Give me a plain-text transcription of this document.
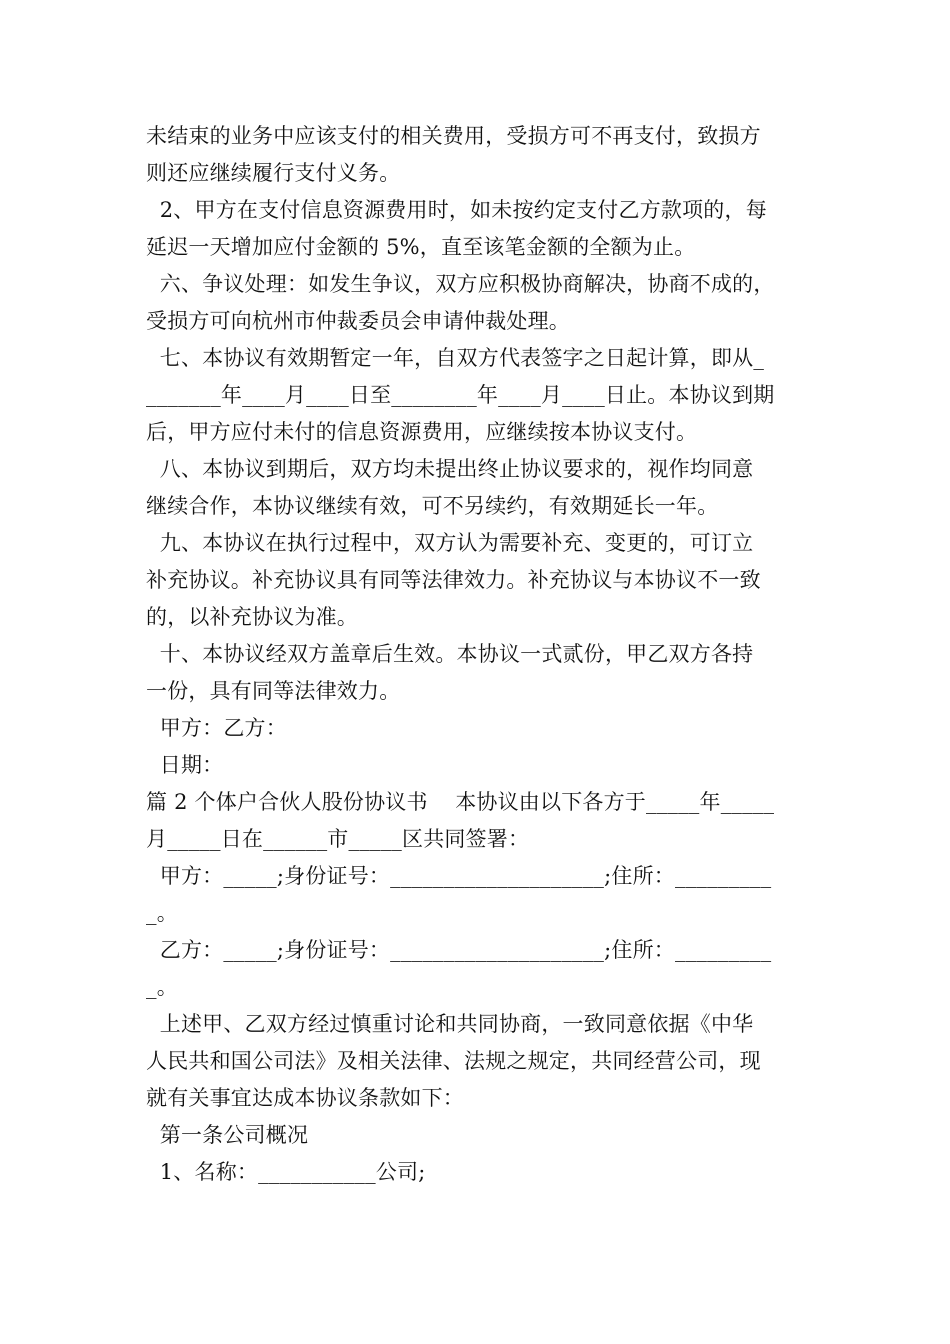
未结束的业务中应该支付的相关费用，受损方可不再支付，致损方

则还应继续履行支付义务。

2、甲方在支付信息资源费用时，如未按约定支付乙方款项的，每

延迟一天增加应付金额的 5%，直至该笔金额的全额为止。

六、争议处理：如发生争议，双方应积极协商解决，协商不成的，

受损方可向杭州市仲裁委员会申请仲裁处理。

七、本协议有效期暂定一年，自双方代表签字之日起计算，即从_

_______年____月____日至________年____月____日止。本协议到期

后，甲方应付未付的信息资源费用，应继续按本协议支付。

八、本协议到期后，双方均未提出终止协议要求的，视作均同意

继续合作，本协议继续有效，可不另续约，有效期延长一年。

九、本协议在执行过程中，双方认为需要补充、变更的，可订立

补充协议。补充协议具有同等法律效力。补充协议与本协议不一致

的，以补充协议为准。

十、本协议经双方盖章后生效。本协议一式贰份，甲乙双方各持

一份，具有同等法律效力。

甲方：乙方：

日期：

篇 2 个体户合伙人股份协议书    本协议由以下各方于_____年_____

月_____日在______市_____区共同签署：

甲方：_____;身份证号：____________________;住所：_________

_。

乙方：_____;身份证号：____________________;住所：_________

_。

上述甲、乙双方经过慎重讨论和共同协商，一致同意依据《中华

人民共和国公司法》及相关法律、法规之规定，共同经营公司，现

就有关事宜达成本协议条款如下：

第一条公司概况

1、名称：___________公司;
